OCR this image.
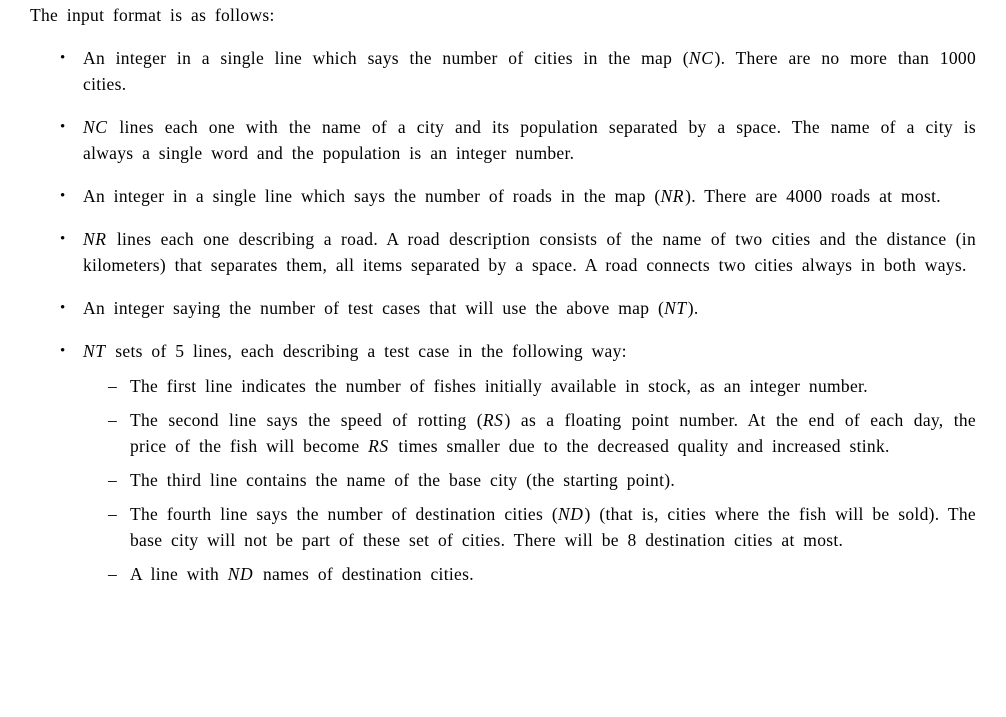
The input format is as follows:

• An integer in a single line which says the number of cities in the map (NC). There are no more than 1000 cities.
• NC lines each one with the name of a city and its population separated by a space. The name of a city is always a single word and the population is an integer number.
• An integer in a single line which says the number of roads in the map (NR). There are 4000 roads at most.
• NR lines each one describing a road. A road description consists of the name of two cities and the distance (in kilometers) that separates them, all items separated by a space. A road connects two cities always in both ways.
• An integer saying the number of test cases that will use the above map (NT).
• NT sets of 5 lines, each describing a test case in the following way:
– The first line indicates the number of fishes initially available in stock, as an integer number.
– The second line says the speed of rotting (RS) as a floating point number. At the end of each day, the price of the fish will become RS times smaller due to the decreased quality and increased stink.
– The third line contains the name of the base city (the starting point).
– The fourth line says the number of destination cities (ND) (that is, cities where the fish will be sold). The base city will not be part of these set of cities. There will be 8 destination cities at most.
– A line with ND names of destination cities.
